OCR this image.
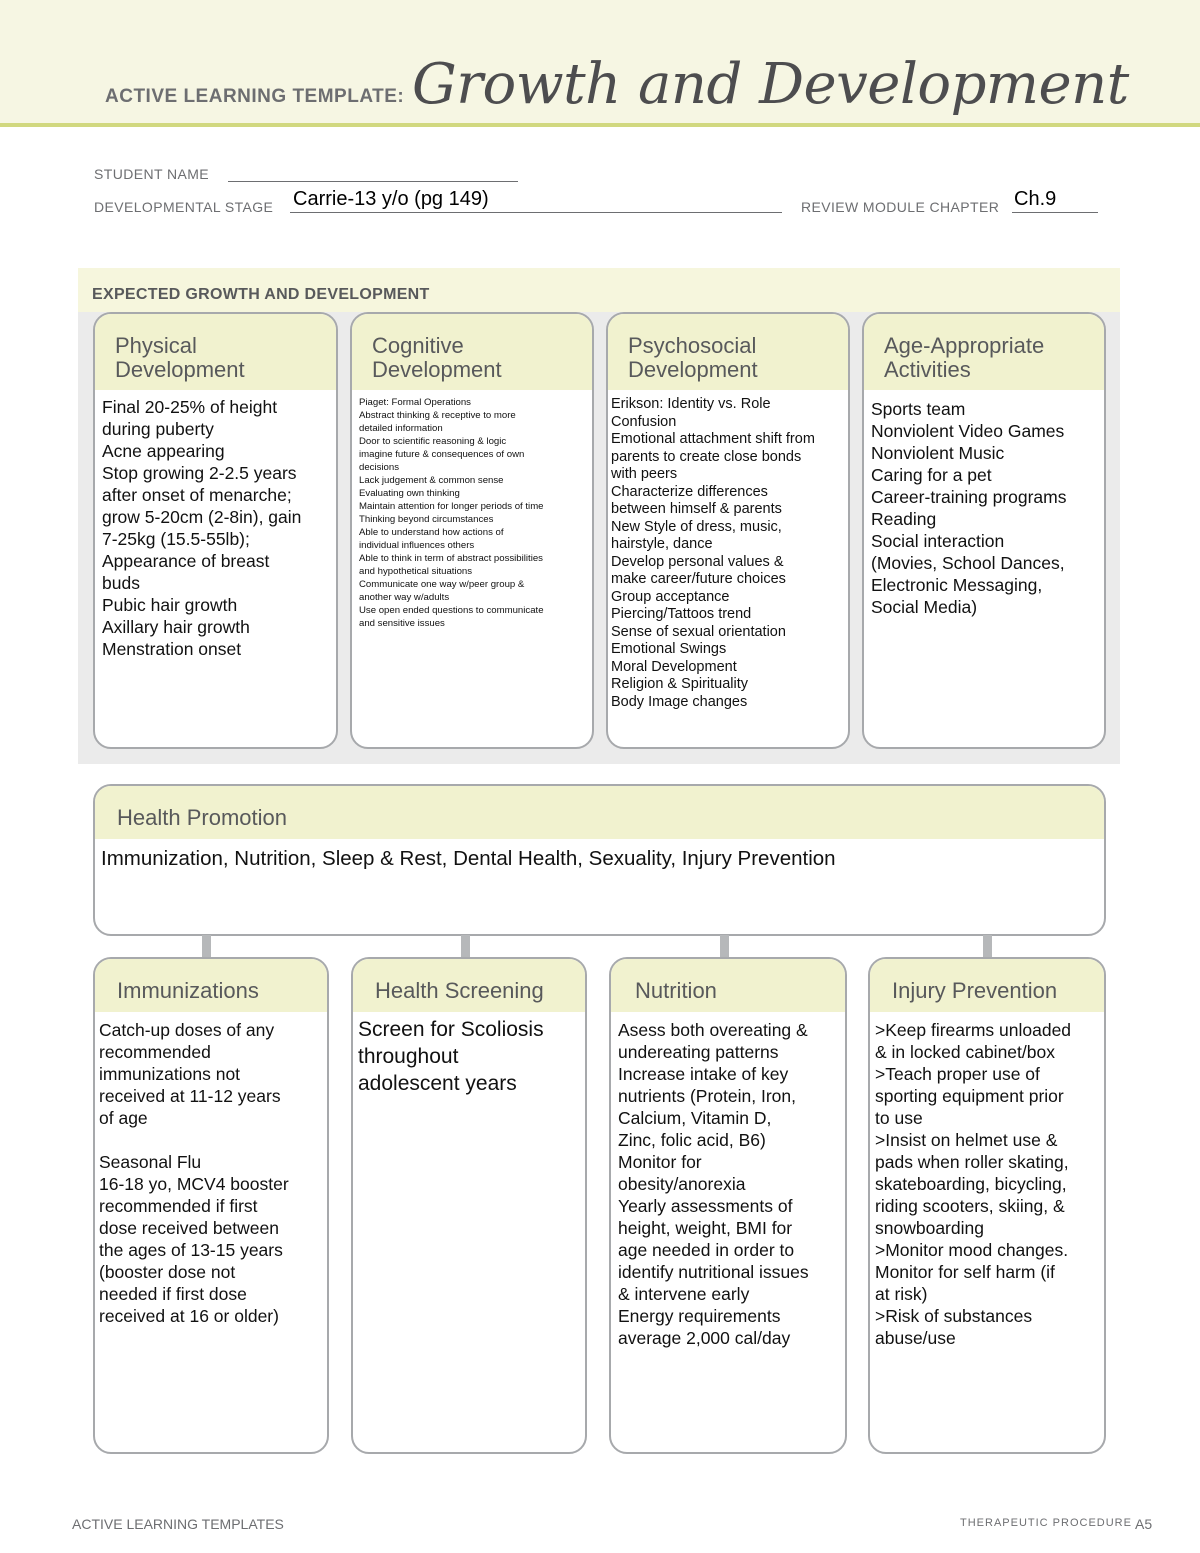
ACTIVE LEARNING TEMPLATE: Growth and Development
STUDENT NAME
DEVELOPMENTAL STAGE Carrie-13 y/o (pg 149)	REVIEW MODULE CHAPTER Ch.9
EXPECTED GROWTH AND DEVELOPMENT
Physical
Development
Final 20-25% of height
during puberty
Acne appearing
Stop growing 2-2.5 years
after onset of menarche;
grow 5-20cm (2-8in), gain
7-25kg (15.5-55lb);
Appearance of breast
buds
Pubic hair growth
Axillary hair growth
Menstration onset
Cognitive
Development
Piaget: Formal Operations
Abstract thinking & receptive to more
detailed information
Door to scientific reasoning & logic
imagine future & consequences of own
decisions
Lack judgement & common sense
Evaluating own thinking
Maintain attention for longer periods of time
Thinking beyond circumstances
Able to understand how actions of
individual influences others
Able to think in term of abstract possibilities
and hypothetical situations
Communicate one way w/peer group &
another way w/adults
Use open ended questions to communicate
and sensitive issues
Psychosocial
Development
Erikson: Identity vs. Role
Confusion
Emotional attachment shift from
parents to create close bonds
with peers
Characterize differences
between himself & parents
New Style of dress, music,
hairstyle, dance
Develop personal values &
make career/future choices
Group acceptance
Piercing/Tattoos trend
Sense of sexual orientation
Emotional Swings
Moral Development
Religion & Spirituality
Body Image changes
Age-Appropriate
Activities
Sports team
Nonviolent Video Games
Nonviolent Music
Caring for a pet
Career-training programs
Reading
Social interaction
(Movies, School Dances,
Electronic Messaging,
Social Media)
Health Promotion
Immunization, Nutrition, Sleep & Rest, Dental Health, Sexuality, Injury Prevention
Immunizations
Catch-up doses of any
recommended
immunizations not
received at 11-12 years
of age

Seasonal Flu
16-18 yo, MCV4 booster
recommended if first
dose received between
the ages of 13-15 years
(booster dose not
needed if first dose
received at 16 or older)
Health Screening
Screen for Scoliosis
throughout
adolescent years
Nutrition
Asess both overeating &
undereating patterns
Increase intake of key
nutrients (Protein, Iron,
Calcium, Vitamin D,
Zinc, folic acid, B6)
Monitor for
obesity/anorexia
Yearly assessments of
height, weight, BMI for
age needed in order to
identify nutritional issues
& intervene early
Energy requirements
average 2,000 cal/day
Injury Prevention
>Keep firearms unloaded
& in locked cabinet/box
>Teach proper use of
sporting equipment prior
to use
>Insist on helmet use &
pads when roller skating,
skateboarding, bicycling,
riding scooters, skiing, &
snowboarding
>Monitor mood changes.
Monitor for self harm (if
at risk)
>Risk of substances
abuse/use
ACTIVE LEARNING TEMPLATES	THERAPEUTIC PROCEDURE A5
